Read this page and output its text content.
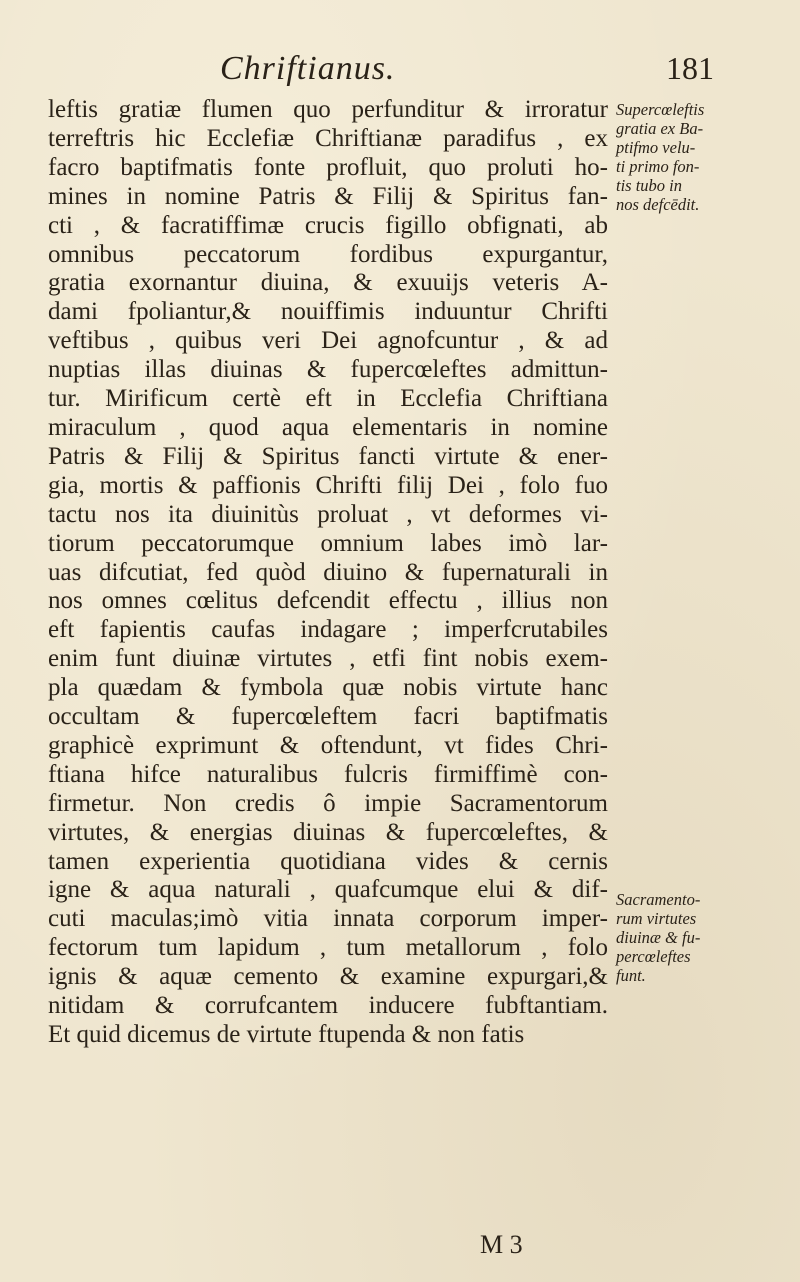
Chriftianus.	181
leftis gratiæ flumen quo perfunditur & irroratur
terreftris hic Ecclefiæ Chriftianæ paradifus , ex
facro baptifmatis fonte profluit, quo proluti ho-
mines in nomine Patris & Filij & Spiritus fan-
cti , & facratiffimæ crucis figillo obfignati, ab
omnibus peccatorum fordibus expurgantur,
gratia exornantur diuina, & exuuijs veteris A-
dami fpoliantur,& nouiffimis induuntur Chrifti
veftibus , quibus veri Dei agnofcuntur , & ad
nuptias illas diuinas & fupercœleftes admittun-
tur. Mirificum certè eft in Ecclefia Chriftiana
miraculum , quod aqua elementaris in nomine
Patris & Filij & Spiritus fancti virtute & ener-
gia, mortis & paffionis Chrifti filij Dei , folo fuo
tactu nos ita diuinitùs proluat , vt deformes vi-
tiorum peccatorumque omnium labes imò lar-
uas difcutiat, fed quòd diuino & fupernaturali in
nos omnes cœlitus defcendit effectu , illius non
eft fapientis caufas indagare ; imperfcrutabiles
enim funt diuinæ virtutes , etfi fint nobis exem-
pla quædam & fymbola quæ nobis virtute hanc
occultam & fupercœleftem facri baptifmatis
graphicè exprimunt & oftendunt, vt fides Chri-
ftiana hifce naturalibus fulcris firmiffimè con-
firmetur. Non credis ô impie Sacramentorum
virtutes, & energias diuinas & fupercœleftes, &
tamen experientia quotidiana vides & cernis
igne & aqua naturali , quafcumque elui & dif-
cuti maculas;imò vitia innata corporum imper-
fectorum tum lapidum , tum metallorum , folo
ignis & aquæ cemento & examine expurgari,&
nitidam & corrufcantem inducere fubftantiam.
Et quid dicemus de virtute ftupenda & non fatis
Supercœleftis
gratia ex Ba-
ptifmo velu-
ti primo fon-
tis tubo in
nos defcēdit.
Sacramento-
rum virtutes
diuinæ & fu-
percœleftes
funt.
M 3
